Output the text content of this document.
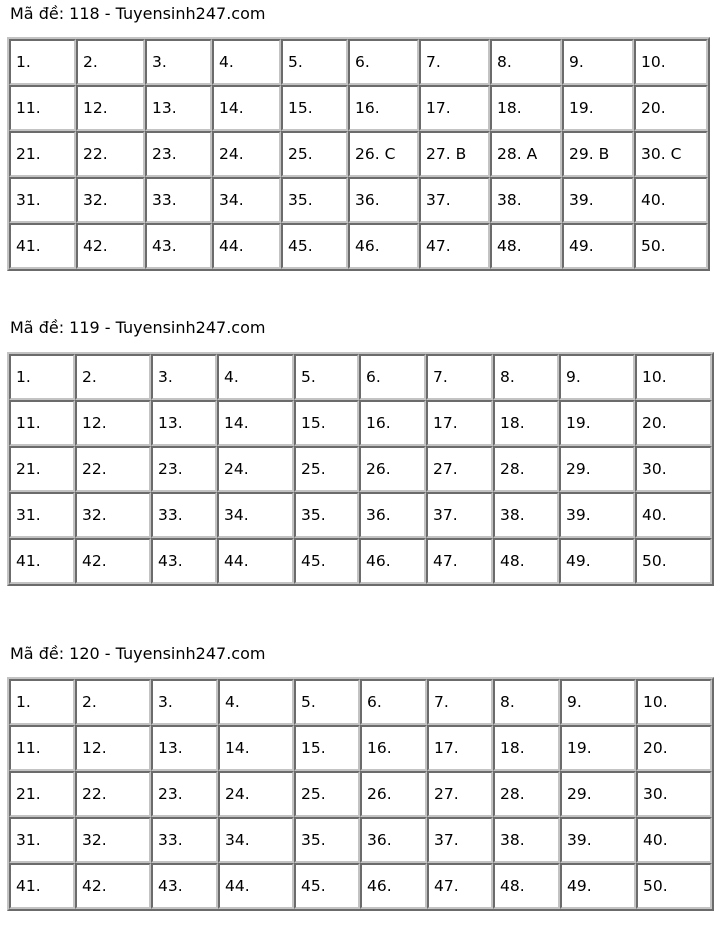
Mã đề: 118 - Tuyensinh247.com
1.	2.	3.	4.	5.	6.	7.	8.	9.	10.
11.	12.	13.	14.	15.	16.	17.	18.	19.	20.
21.	22.	23.	24.	25.	26. C	27. B	28. A	29. B	30. C
31.	32.	33.	34.	35.	36.	37.	38.	39.	40.
41.	42.	43.	44.	45.	46.	47.	48.	49.	50.
Mã đề: 119 - Tuyensinh247.com
1.	2.	3.	4.	5.	6.	7.	8.	9.	10.
11.	12.	13.	14.	15.	16.	17.	18.	19.	20.
21.	22.	23.	24.	25.	26.	27.	28.	29.	30.
31.	32.	33.	34.	35.	36.	37.	38.	39.	40.
41.	42.	43.	44.	45.	46.	47.	48.	49.	50.
Mã đề: 120 - Tuyensinh247.com
1.	2.	3.	4.	5.	6.	7.	8.	9.	10.
11.	12.	13.	14.	15.	16.	17.	18.	19.	20.
21.	22.	23.	24.	25.	26.	27.	28.	29.	30.
31.	32.	33.	34.	35.	36.	37.	38.	39.	40.
41.	42.	43.	44.	45.	46.	47.	48.	49.	50.
